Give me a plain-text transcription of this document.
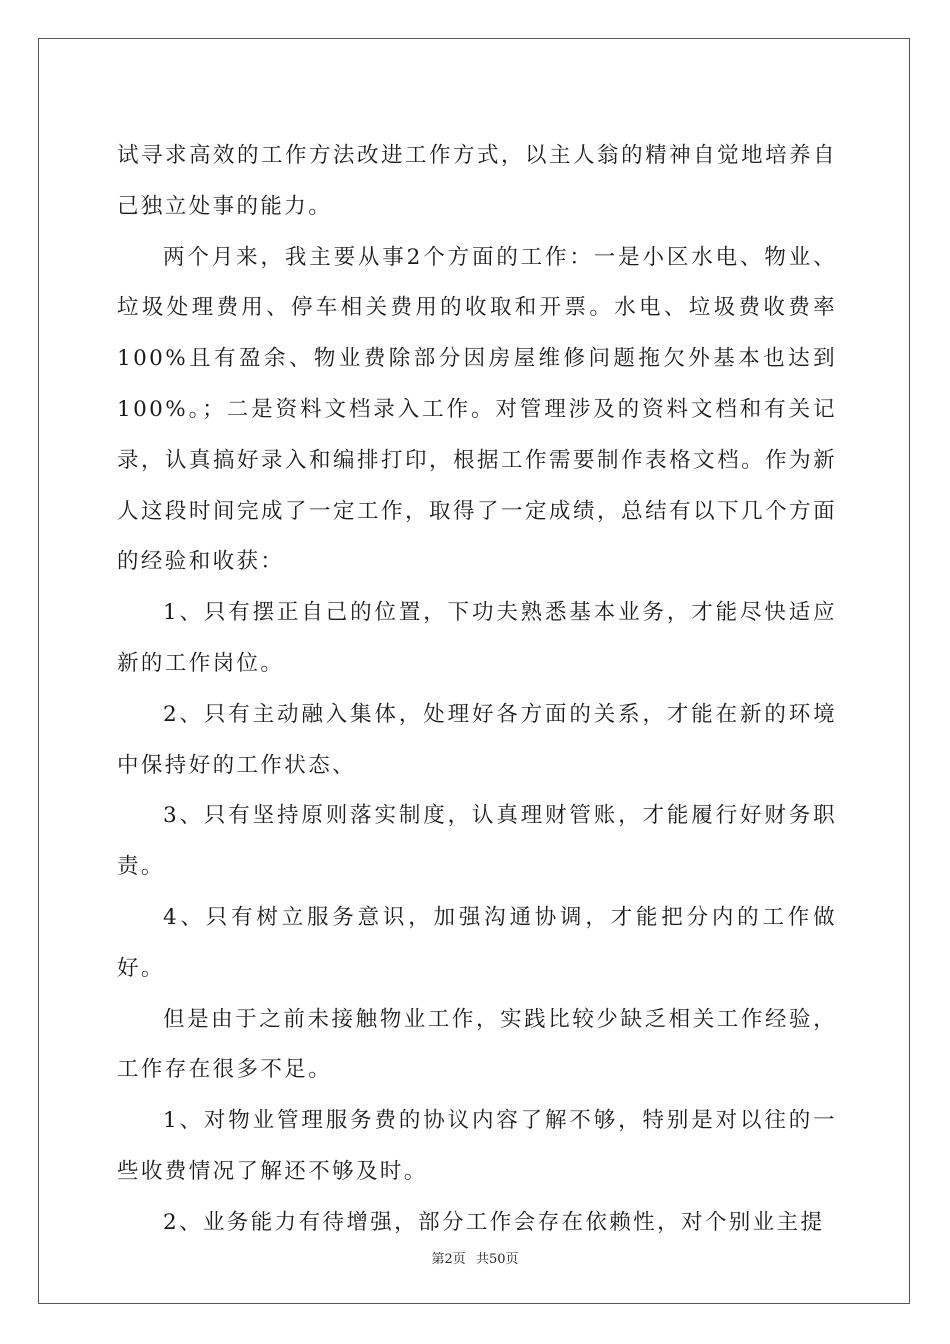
试寻求高效的工作方法改进工作方式，以主人翁的精神自觉地培养自己独立处事的能力。

两个月来，我主要从事2个方面的工作：一是小区水电、物业、垃圾处理费用、停车相关费用的收取和开票。水电、垃圾费收费率100%且有盈余、物业费除部分因房屋维修问题拖欠外基本也达到100%。；二是资料文档录入工作。对管理涉及的资料文档和有关记录，认真搞好录入和编排打印，根据工作需要制作表格文档。作为新人这段时间完成了一定工作，取得了一定成绩，总结有以下几个方面的经验和收获：

1、只有摆正自己的位置，下功夫熟悉基本业务，才能尽快适应新的工作岗位。

2、只有主动融入集体，处理好各方面的关系，才能在新的环境中保持好的工作状态、

3、只有坚持原则落实制度，认真理财管账，才能履行好财务职责。

4、只有树立服务意识，加强沟通协调，才能把分内的工作做好。

但是由于之前未接触物业工作，实践比较少缺乏相关工作经验，工作存在很多不足。

1、对物业管理服务费的协议内容了解不够，特别是对以往的一些收费情况了解还不够及时。

2、业务能力有待增强，部分工作会存在依赖性，对个别业主提

第2页 共50页
